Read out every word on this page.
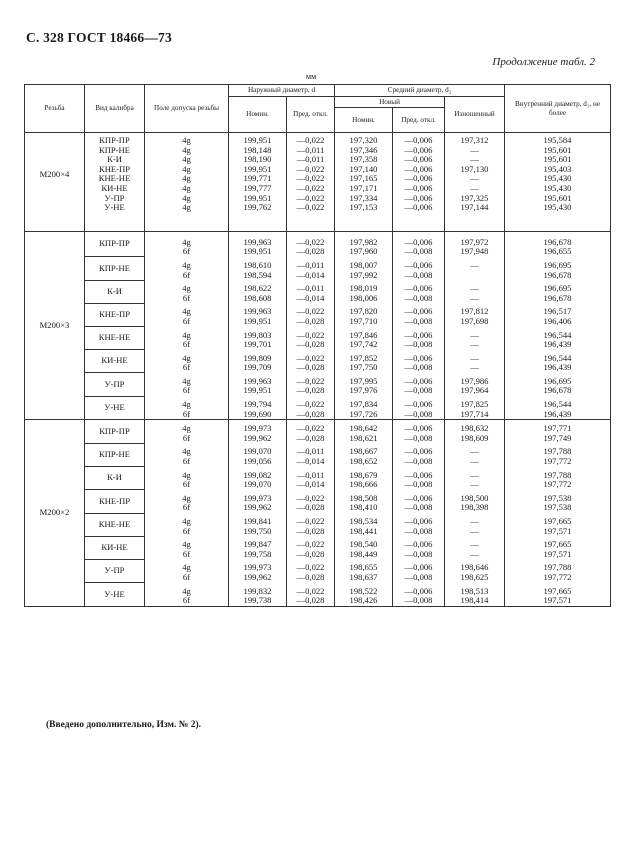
С. 328 ГОСТ 18466—73
Продолжение табл. 2
мм
Резьба	Вид калибра	Поле допуска резьбы	Наружный диаметр, d		Средний диаметр, d₂			Внутренний диаметр, d₁, не более
			Номин.	Пред. откл.	Новый		Изношенный	
					Номин.	Пред. откл.		

M200×4	КПР-ПР	4g	199,951	—0,022	197,320	—0,006	197,312	195,584
	КПР-НЕ	4g	198,148	—0,011	197,346	—0,006	—	195,601
	К-И	4g	198,190	—0,011	197,358	—0,006	—	195,601
	КНЕ-ПР	4g	199,951	—0,022	197,140	—0,006	197,130	195,403
	КНЕ-НЕ	4g	199,771	—0,022	197,165	—0,006	—	195,430
	КИ-НЕ	4g	199,777	—0,022	197,171	—0,006	—	195,430
	У-ПР	4g	199,951	—0,022	197,334	—0,006	197,325	195,601
	У-НЕ	4g	199,762	—0,022	197,153	—0,006	197,144	195,430

M200×3	КПР-ПР							
		4g	199,963	—0,022	197,982	—0,006	197,972	196,678
		6f	199,951	—0,028	197,960	—0,008	197,948	196,655
	КПР-НЕ							
		4g	198,610	—0,011	198,007	—0,006	—	196,695
		6f	198,594	—0,014	197,992	—0,008		196,678
	К-И							
		4g	198,622	—0,011	198,019	—0,006	—	196,695
		6f	198,608	—0,014	198,006	—0,008	—	196,678
	КНЕ-ПР							
		4g	199,963	—0,022	197,820	—0,006	197,812	196,517
		6f	199,951	—0,028	197,710	—0,008	197,698	196,406
	КНЕ-НЕ							
		4g	199,803	—0,022	197,846	—0,006	—	196,544
		6f	199,701	—0,028	197,742	—0,008	—	196,439
	КИ-НЕ							
		4g	199,809	—0,022	197,852	—0,006	—	196,544
		6f	199,709	—0,028	197,750	—0,008	—	196,439
	У-ПР							
		4g	199,963	—0,022	197,995	—0,006	197,986	196,695
		6f	199,951	—0,028	197,976	—0,008	197,964	196,678
	У-НЕ							
		4g	199,794	—0,022	197,834	—0,006	197,825	196,544
		6f	199,690	—0,028	197,726	—0,008	197,714	196,439
M200×2	КПР-ПР							
		4g	199,973	—0,022	198,642	—0,006	198,632	197,771
		6f	199,962	—0,028	198,621	—0,008	198,609	197,749
	КПР-НЕ							
		4g	199,070	—0,011	198,667	—0,006	—	197,788
		6f	199,056	—0,014	198,652	—0,008	—	197,772
	К-И							
		4g	199,082	—0,011	198,679	—0,006	—	197,788
		6f	199,070	—0,014	198,666	—0,008	—	197,772
	КНЕ-ПР							
		4g	199,973	—0,022	198,508	—0,006	198,500	197,538
		6f	199,962	—0,028	198,410	—0,008	198,398	197,538
	КНЕ-НЕ							
		4g	199,841	—0,022	198,534	—0,006	—	197,665
		6f	199,750	—0,028	198,441	—0,008	—	197,571
	КИ-НЕ							
		4g	199,847	—0,022	198,540	—0,006	—	197,665
		6f	199,758	—0,028	198,449	—0,008	—	197,571
	У-ПР							
		4g	199,973	—0,022	198,655	—0,006	198,646	197,788
		6f	199,962	—0,028	198,637	—0,008	198,625	197,772
	У-НЕ							
		4g	199,832	—0,022	198,522	—0,006	198,513	197,665
		6f	199,738	—0,028	198,426	—0,008	198,414	197,571
(Введено дополнительно, Изм. № 2).
